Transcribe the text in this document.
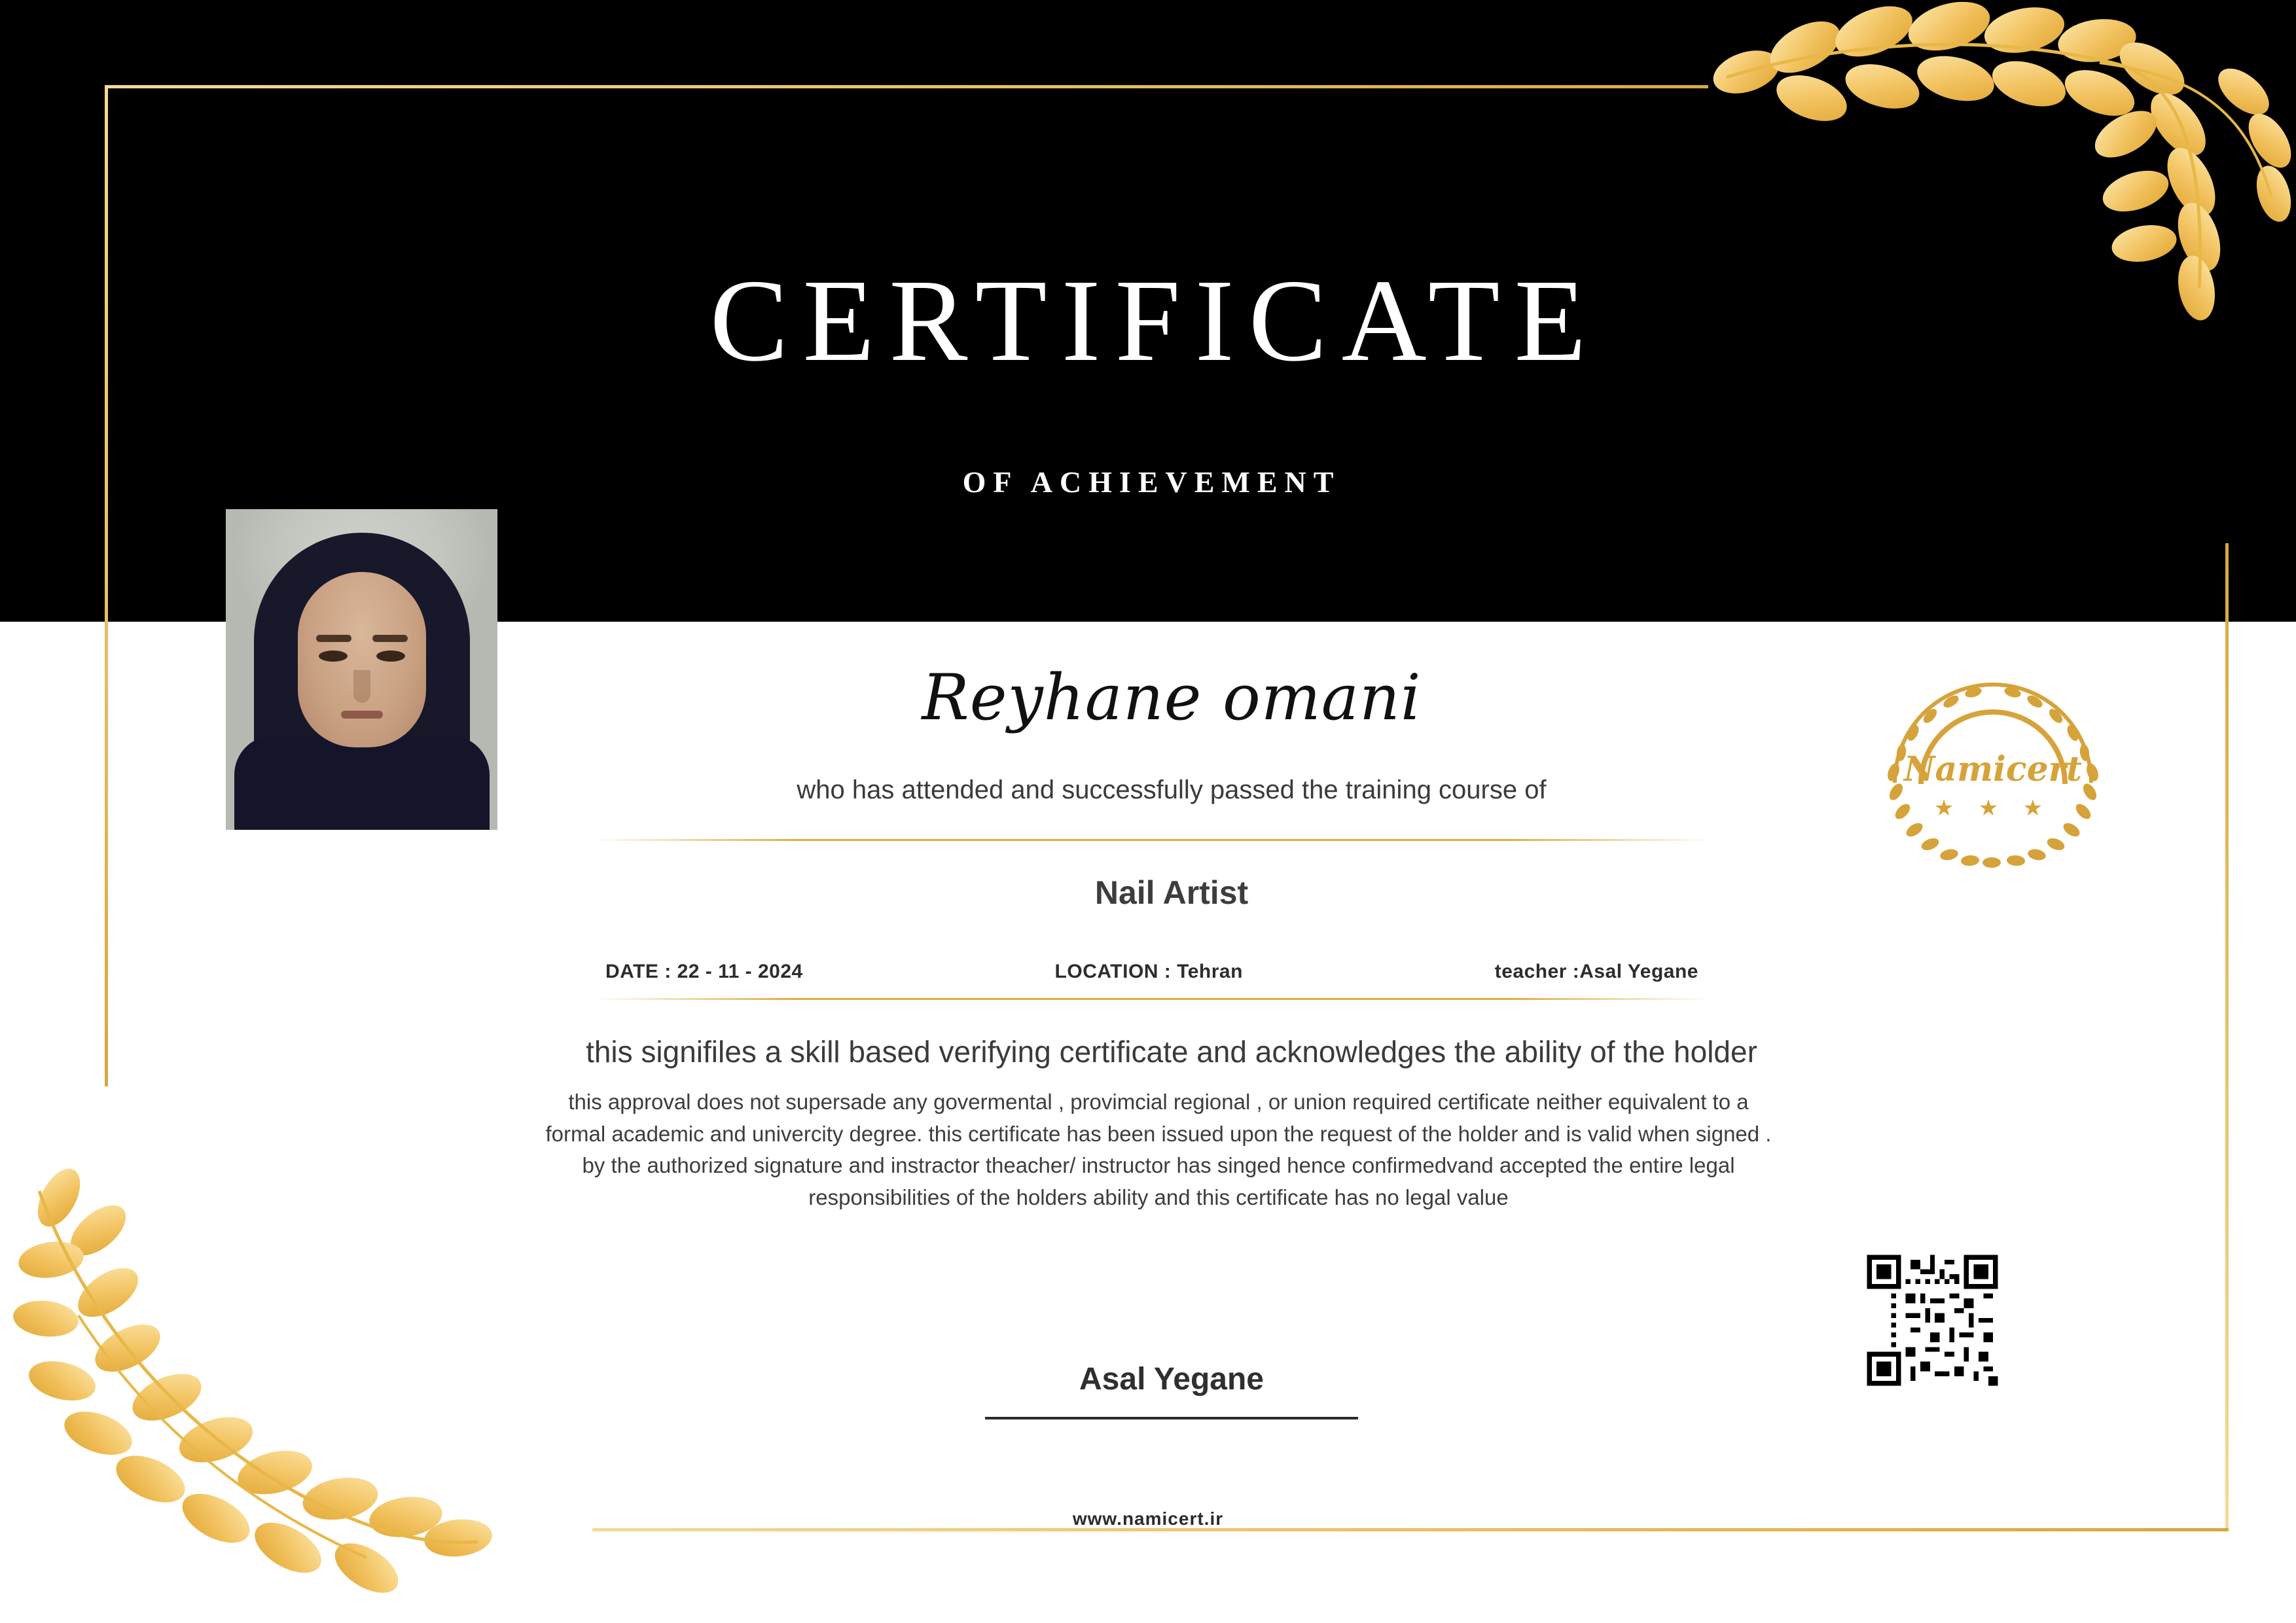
CERTIFICATE
OF ACHIEVEMENT
Reyhane omani
who has attended and successfully passed the training course of
Nail Artist
DATE : 22 - 11 - 2024	LOCATION : Tehran	teacher :Asal Yegane
this signifiles a skill based verifying certificate and acknowledges the ability of the holder
this approval does not supersade any govermental , provimcial regional , or union required certificate neither equivalent to a formal academic and univercity degree. this certificate has been issued upon the request of the holder and is valid when signed . by the authorized signature and instractor theacher/ instructor has singed hence confirmedvand accepted the entire legal responsibilities of the holders ability and this certificate has no legal value
Asal Yegane
www.namicert.ir
Namicert
★ ★ ★
